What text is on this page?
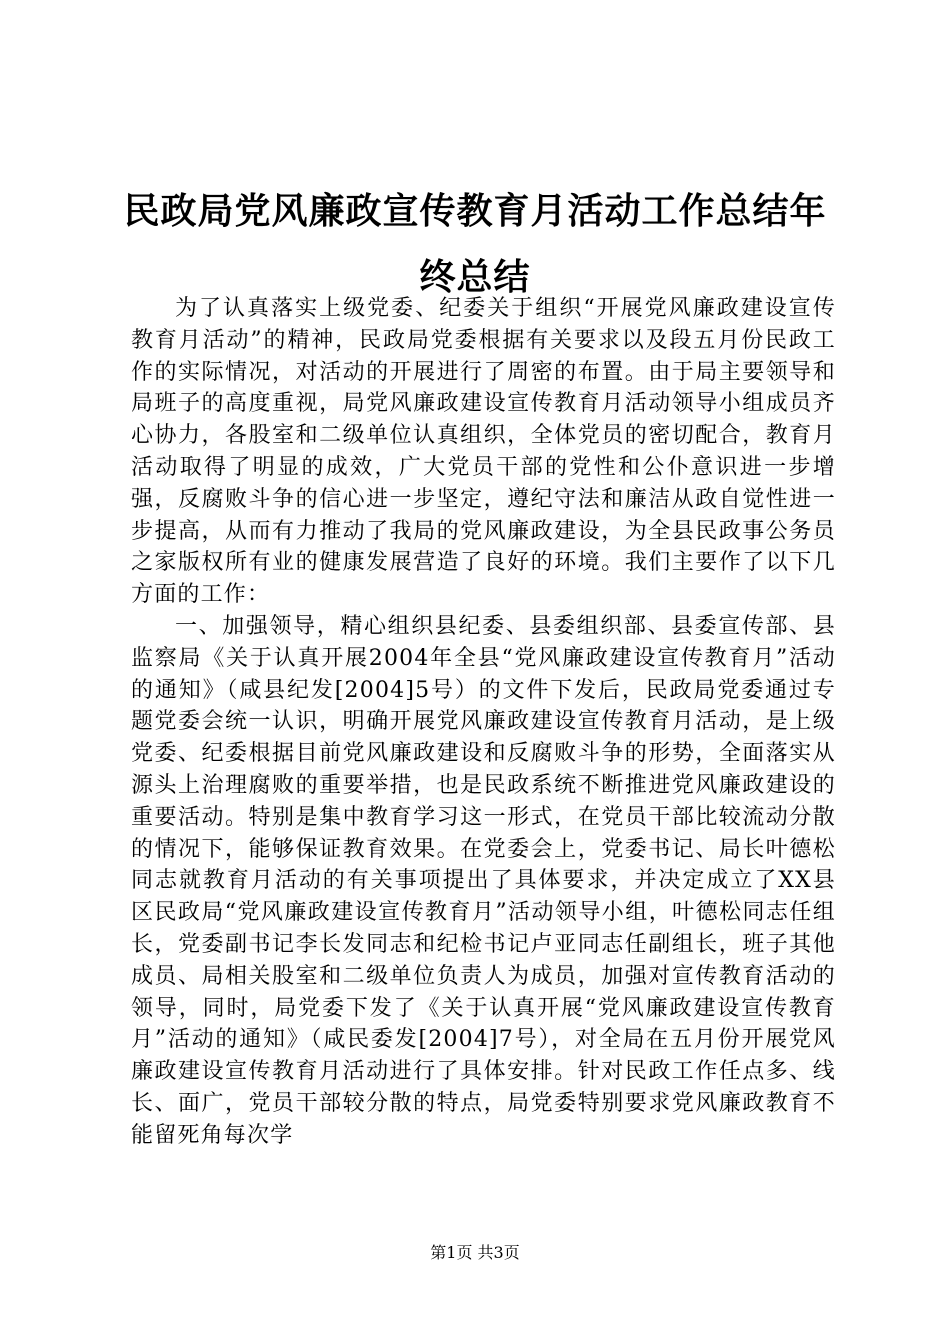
民政局党风廉政宣传教育月活动工作总结年终总结

为了认真落实上级党委、纪委关于组织“开展党风廉政建设宣传教育月活动”的精神，民政局党委根据有关要求以及段五月份民政工作的实际情况，对活动的开展进行了周密的布置。由于局主要领导和局班子的高度重视，局党风廉政建设宣传教育月活动领导小组成员齐心协力，各股室和二级单位认真组织，全体党员的密切配合，教育月活动取得了明显的成效，广大党员干部的党性和公仆意识进一步增强，反腐败斗争的信心进一步坚定，遵纪守法和廉洁从政自觉性进一步提高，从而有力推动了我局的党风廉政建设，为全县民政事公务员之家版权所有业的健康发展营造了良好的环境。我们主要作了以下几方面的工作：

一、加强领导，精心组织县纪委、县委组织部、县委宣传部、县监察局《关于认真开展2004年全县“党风廉政建设宣传教育月”活动的通知》（咸县纪发[2004]5号）的文件下发后，民政局党委通过专题党委会统一认识，明确开展党风廉政建设宣传教育月活动，是上级党委、纪委根据目前党风廉政建设和反腐败斗争的形势，全面落实从源头上治理腐败的重要举措，也是民政系统不断推进党风廉政建设的重要活动。特别是集中教育学习这一形式，在党员干部比较流动分散的情况下，能够保证教育效果。在党委会上，党委书记、局长叶德松同志就教育月活动的有关事项提出了具体要求，并决定成立了XX县区民政局“党风廉政建设宣传教育月”活动领导小组，叶德松同志任组长，党委副书记李长发同志和纪检书记卢亚同志任副组长，班子其他成员、局相关股室和二级单位负责人为成员，加强对宣传教育活动的领导，同时，局党委下发了《关于认真开展“党风廉政建设宣传教育月”活动的通知》（咸民委发[2004]7号），对全局在五月份开展党风廉政建设宣传教育月活动进行了具体安排。针对民政工作任点多、线长、面广，党员干部较分散的特点，局党委特别要求党风廉政教育不能留死角每次学

第1页 共3页
